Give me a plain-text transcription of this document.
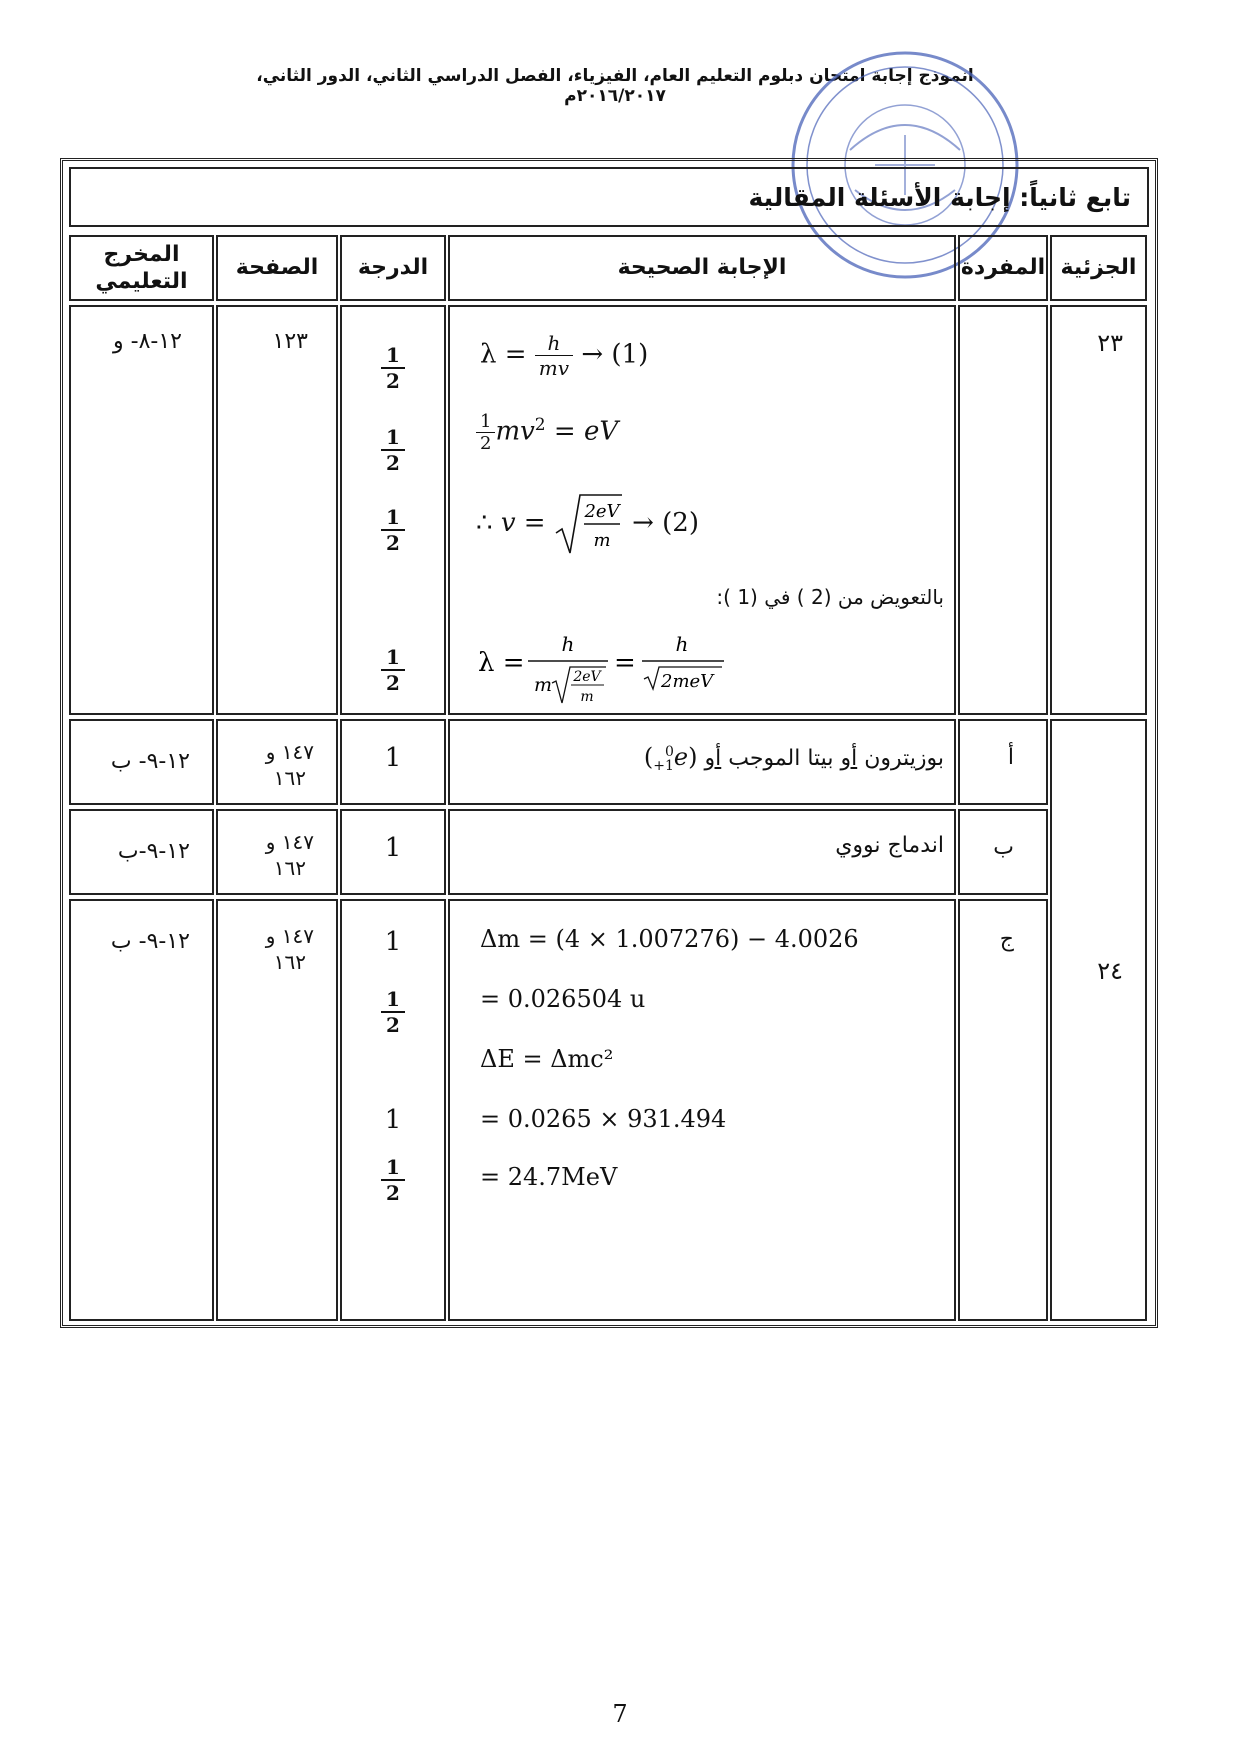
انموذج إجابة امتحان دبلوم التعليم العام، الفيزياء، الفصل الدراسي الثاني، الدور الثاني، ٢٠١٦/٢٠١٧م
تابع ثانياً: إجابة الأسئلة المقالية
الجزئية
المفردة
الإجابة الصحيحة
الدرجة
الصفحة
المخرج
التعليمي
٢٣
$\lambda = \frac{h}{mv} \to (1)$
$\frac{1}{2} mv^2$ = eV
∴ v = 2eV
m
→ (2)
بالتعويض من (2 ) في (1 ):
λ =
h
m 2eV
m
=
h
2meV
1
2
1
2
1
2
1
2
١٢٣
١٢-٨- و
٢٤
أ
بوزيترون أو بيتا الموجب أو ( 0
+1e)
1
١٤٧ و
١٦٢
١٢-٩- ب
ب
اندماج نووي
1
١٤٧ و
١٦٢
١٢-٩-ب
ج
Δm = (4 × 1.007276) − 4.0026
= 0.026504 u
ΔE = Δmc²
= 0.0265 × 931.494
= 24.7MeV
1
1
2
1
1
2
١٤٧ و
١٦٢
١٢-٩- ب
7
